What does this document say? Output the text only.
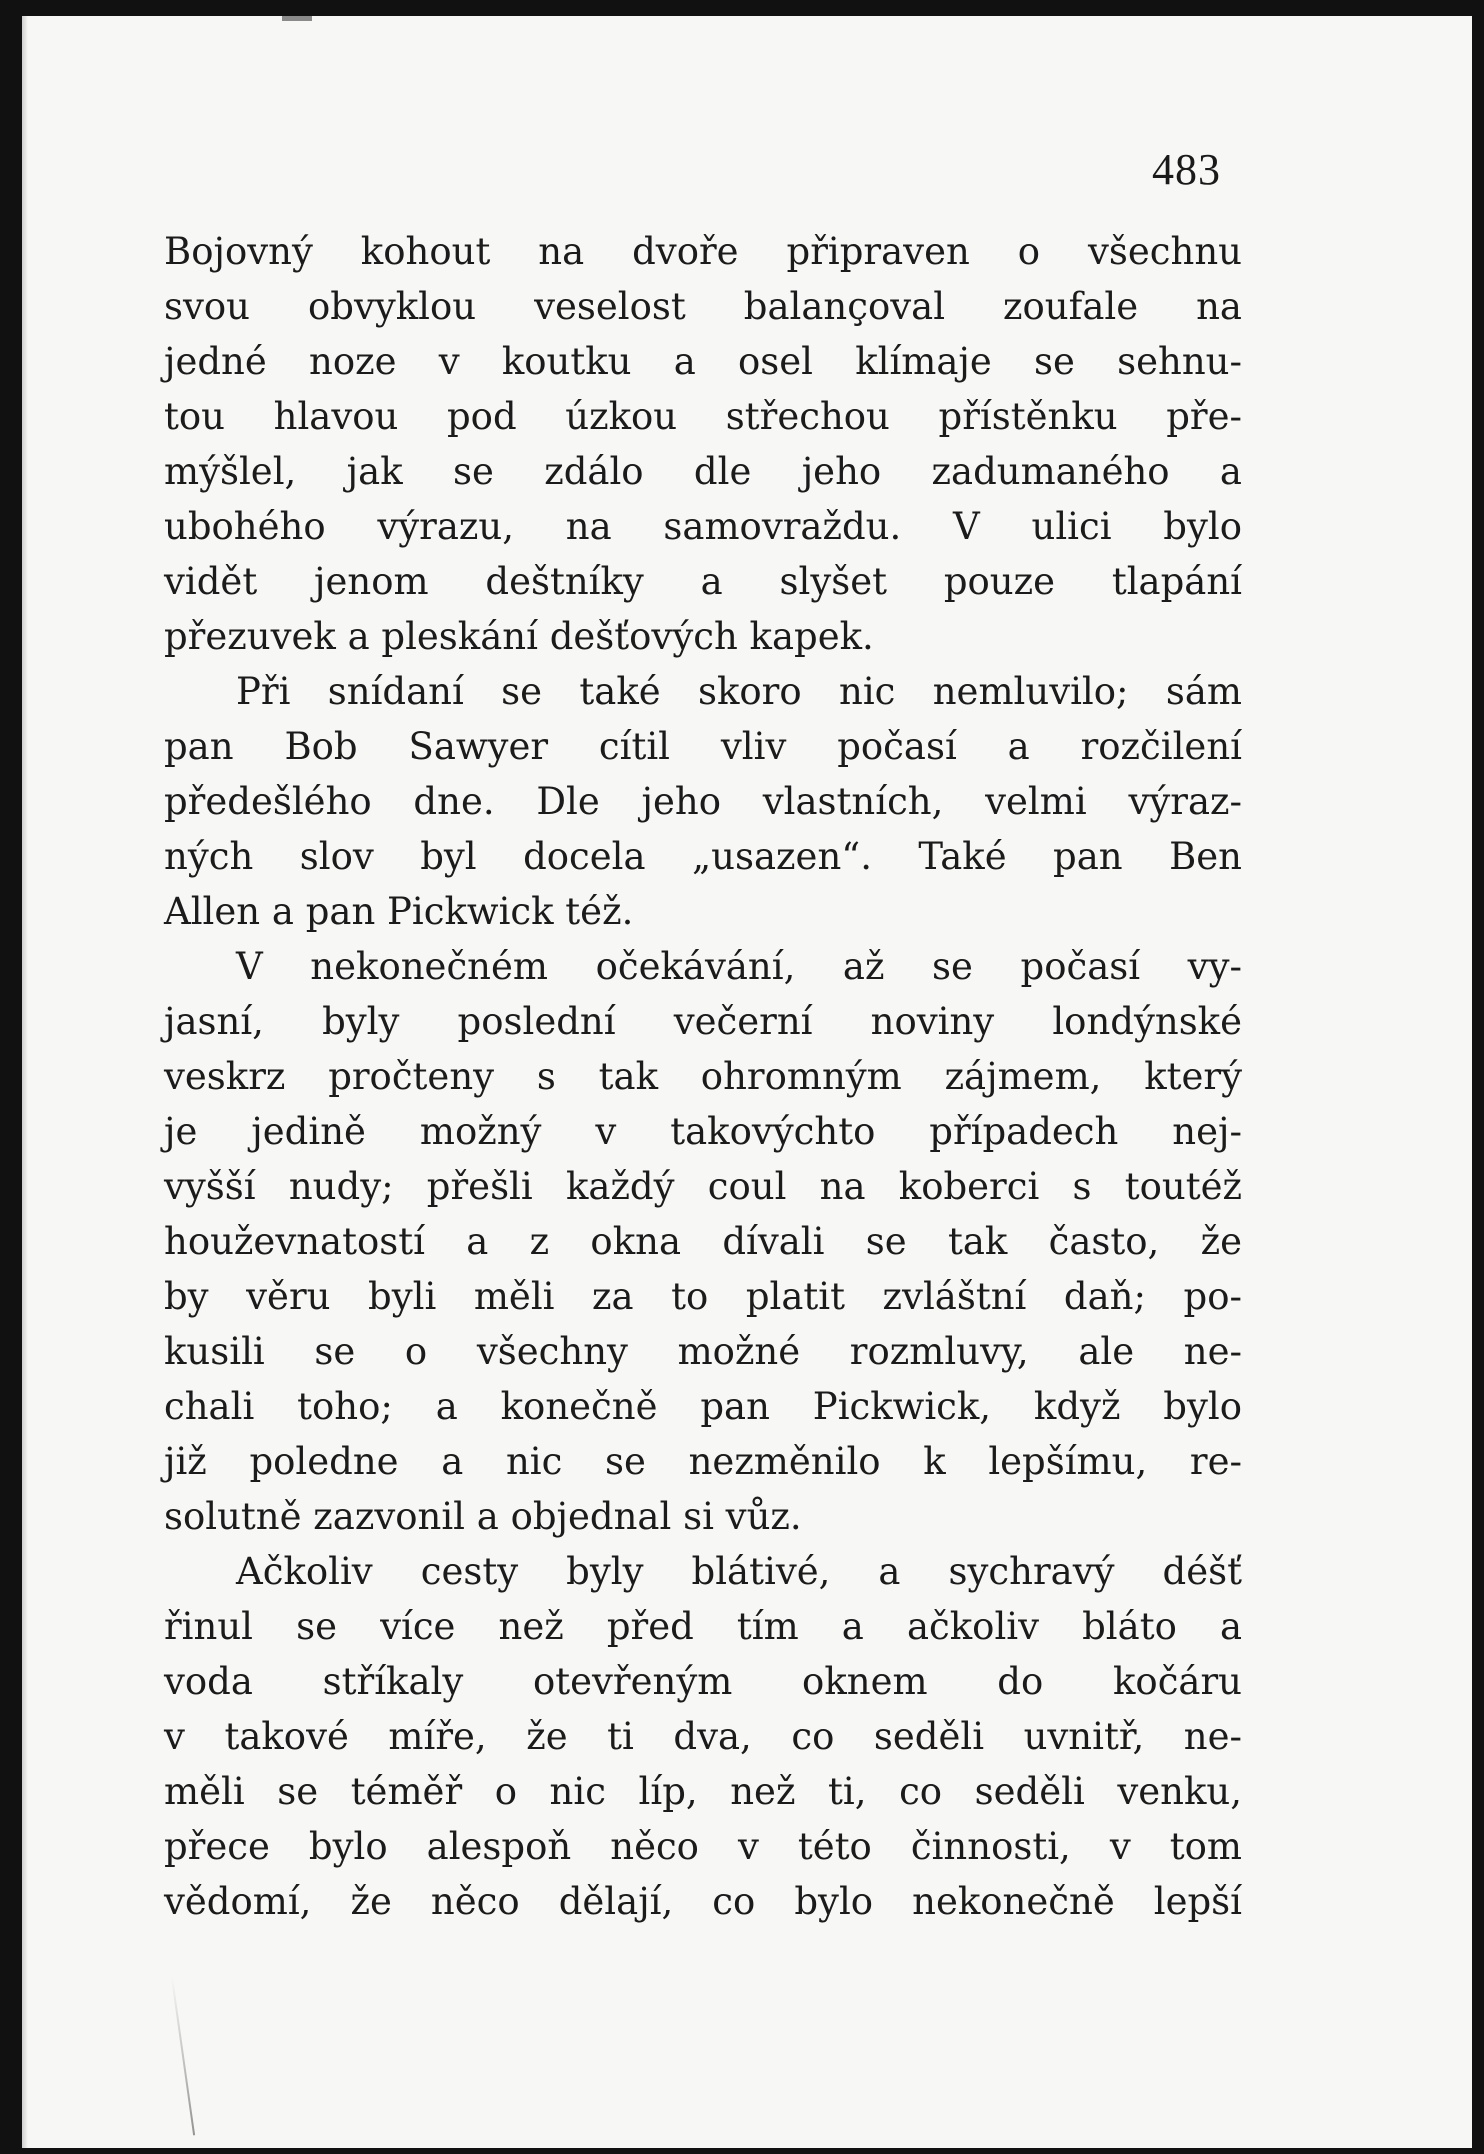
483
Bojovný kohout na dvoře připraven o všechnu
svou obvyklou veselost balançoval zoufale na
jedné noze v koutku a osel klímaje se sehnu-
tou hlavou pod úzkou střechou přístěnku pře-
mýšlel, jak se zdálo dle jeho zadumaného a
ubohého výrazu, na samovraždu. V ulici bylo
vidět jenom deštníky a slyšet pouze tlapání
přezuvek a pleskání dešťových kapek.
Při snídaní se také skoro nic nemluvilo; sám
pan Bob Sawyer cítil vliv počasí a rozčilení
předešlého dne. Dle jeho vlastních, velmi výraz-
ných slov byl docela „usazen“. Také pan Ben
Allen a pan Pickwick též.
V nekonečném očekávání, až se počasí vy-
jasní, byly poslední večerní noviny londýnské
veskrz pročteny s tak ohromným zájmem, který
je jedině možný v takovýchto případech nej-
vyšší nudy; přešli každý coul na koberci s toutéž
houževnatostí a z okna dívali se tak často, že
by věru byli měli za to platit zvláštní daň; po-
kusili se o všechny možné rozmluvy, ale ne-
chali toho; a konečně pan Pickwick, když bylo
již poledne a nic se nezměnilo k lepšímu, re-
solutně zazvonil a objednal si vůz.
Ačkoliv cesty byly blátivé, a sychravý déšť
řinul se více než před tím a ačkoliv bláto a
voda stříkaly otevřeným oknem do kočáru
v takové míře, že ti dva, co seděli uvnitř, ne-
měli se téměř o nic líp, než ti, co seděli venku,
přece bylo alespoň něco v této činnosti, v tom
vědomí, že něco dělají, co bylo nekonečně lepší
